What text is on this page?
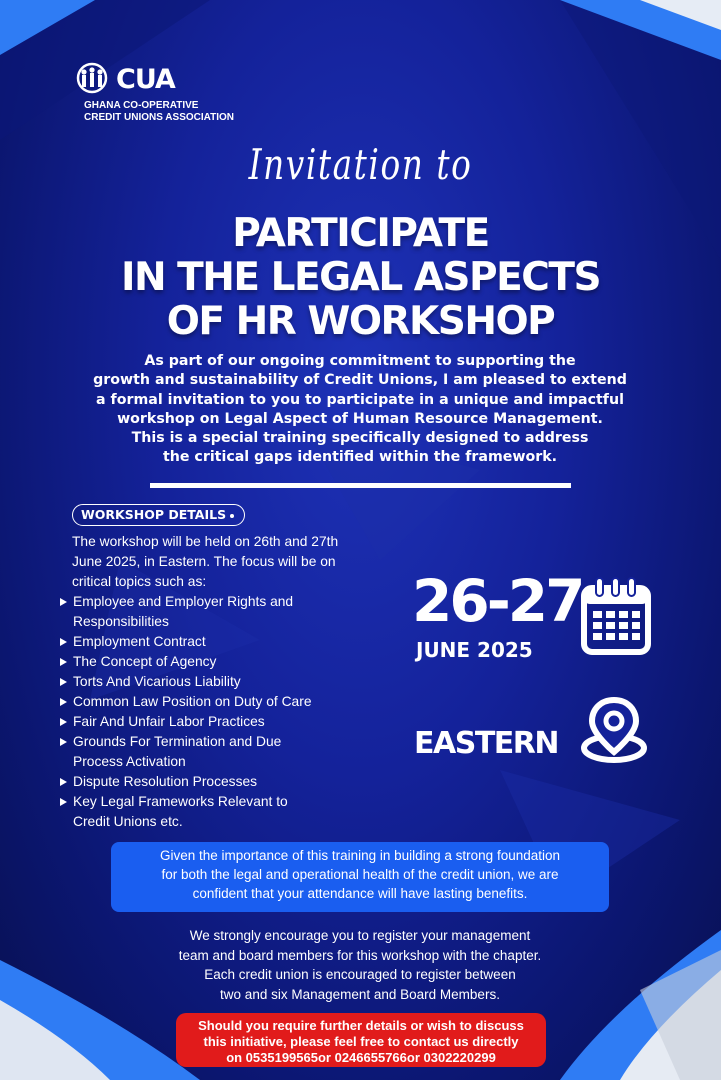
CUA
GHANA CO-OPERATIVE
CREDIT UNIONS ASSOCIATION
Invitation to
PARTICIPATE
IN THE LEGAL ASPECTS
OF HR WORKSHOP
As part of our ongoing commitment to supporting the
growth and sustainability of Credit Unions, I am pleased to extend
a formal invitation to you to participate in a unique and impactful
workshop on Legal Aspect of Human Resource Management.
This is a special training specifically designed to address
the critical gaps identified within the framework.
WORKSHOP DETAILS
The workshop will be held on 26th and 27th
June 2025, in Eastern. The focus will be on
critical topics such as:
Employee and Employer Rights and
Responsibilities
Employment Contract
The Concept of Agency
Torts And Vicarious Liability
Common Law Position on Duty of Care
Fair And Unfair Labor Practices
Grounds For Termination and Due
Process Activation
Dispute Resolution Processes
Key Legal Frameworks Relevant to
Credit Unions etc.
26-27
JUNE 2025
EASTERN
Given the importance of this training in building a strong foundation
for both the legal and operational health of the credit union, we are
confident that your attendance will have lasting benefits.
We strongly encourage you to register your management
team and board members for this workshop with the chapter.
Each credit union is encouraged to register between
two and six Management and Board Members.
Should you require further details or wish to discuss
this initiative, please feel free to contact us directly
on 0535199565or 0246655766or 0302220299
